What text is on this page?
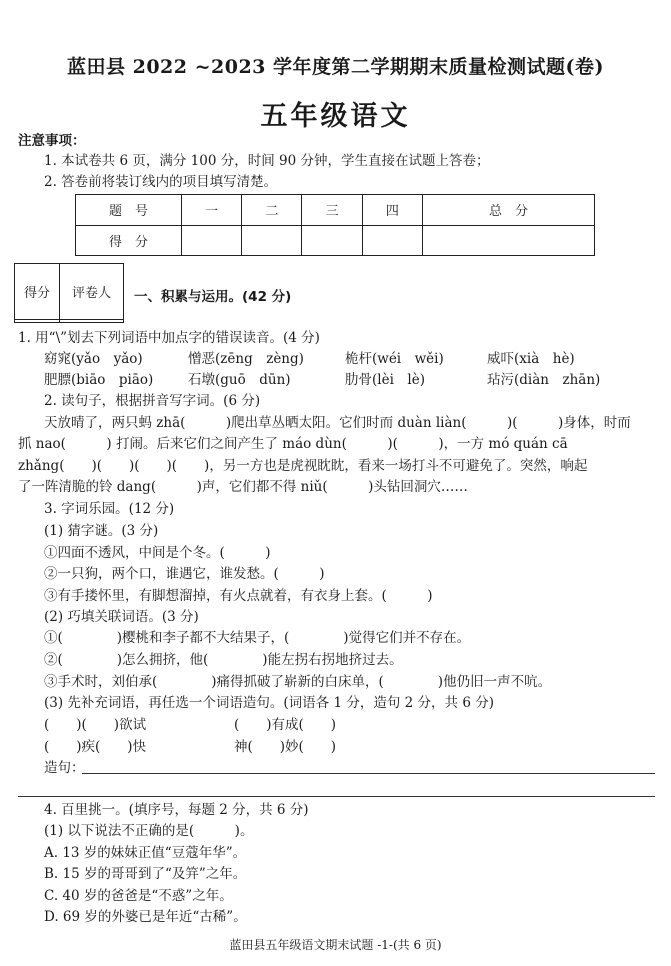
蓝田县 2022 ~2023 学年度第二学期期末质量检测试题(卷)
五年级语文
注意事项：
1. 本试卷共 6 页，满分 100 分，时间 90 分钟，学生直接在试题上答卷；
2. 答卷前将装订线内的项目填写清楚。
题　号	一	二	三	四	总　分
得　分					
得分	评卷人
	一、积累与运用。(42 分)
1. 用“\”划去下列词语中加点字的错误读音。(4 分)
窈窕(yǎo　yǎo)	憎恶(zēng　zèng)	桅杆(wéi　wěi)	威吓(xià　hè)
肥膘(biāo　piāo)	石墩(guō　dūn)	肋骨(lèi　lè)	玷污(diàn　zhān)
2. 读句子，根据拼音写字词。(6 分)
天放晴了，两只蚂 zhā(　　　)爬出草丛晒太阳。它们时而 duàn liàn(　　　)(　　　)身体，时而
抓 nao(　　　) 打闹。后来它们之间产生了 máo dùn(　　　)(　　　)，一方 mó quán cā
zhǎng(　　)(　　)(　　)(　　)，另一方也是虎视眈眈，看来一场打斗不可避免了。突然，响起
了一阵清脆的铃 dang(　　　)声，它们都不得 niǔ(　　　)头钻回洞穴……
3. 字词乐园。(12 分)
(1) 猜字谜。(3 分)
①四面不透风，中间是个冬。(　　　)
②一只狗，两个口，谁遇它，谁发愁。(　　　)
③有手搂怀里，有脚想溜掉，有火点就着，有衣身上套。(　　　)
(2) 巧填关联词语。(3 分)
①(　　　　)樱桃和李子都不大结果子，(　　　　)觉得它们并不存在。
②(　　　　)怎么拥挤，他(　　　　)能左拐右拐地挤过去。
③手术时，刘伯承(　　　　)痛得抓破了崭新的白床单，(　　　　)他仍旧一声不吭。
(3) 先补充词语，再任选一个词语造句。(词语各 1 分，造句 2 分，共 6 分)
(　　)(　　)欲试	(　　)有成(　　)
(　　)疾(　　)快	神(　　)妙(　　)
造句：
4. 百里挑一。(填序号，每题 2 分，共 6 分)
(1) 以下说法不正确的是(　　　)。
A. 13 岁的妹妹正值“豆蔻年华”。
B. 15 岁的哥哥到了“及笄”之年。
C. 40 岁的爸爸是“不惑”之年。
D. 69 岁的外婆已是年近“古稀”。
蓝田县五年级语文期末试题 -1-(共 6 页)
